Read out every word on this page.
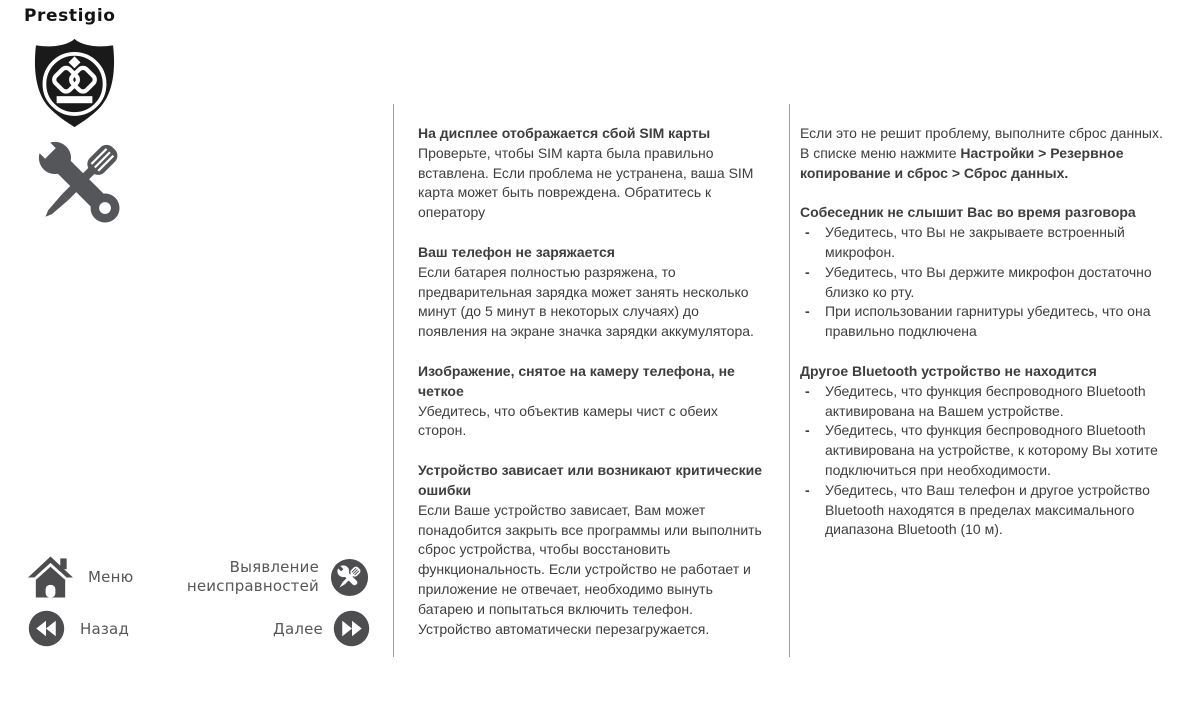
Prestigio
На дисплее отображается сбой SIM карты
Проверьте, чтобы SIM карта была правильно вставлена. Если проблема не устранена, ваша SIM карта может быть повреждена. Обратитесь к оператору
Ваш телефон не заряжается
Если батарея полностью разряжена, то предварительная зарядка может занять несколько минут (до 5 минут в некоторых случаях) до появления на экране значка зарядки аккумулятора.
Изображение, снятое на камеру телефона, не четкое
Убедитесь, что объектив камеры чист с обеих сторон.
Устройство зависает или возникают критические ошибки
Если Ваше устройство зависает, Вам может понадобится закрыть все программы или выполнить сброс устройства, чтобы восстановить функциональность. Если устройство не работает и приложение не отвечает, необходимо вынуть батарею и попытаться включить телефон. Устройство автоматически перезагружается.
Если это не решит проблему, выполните сброс данных. В списке меню нажмите Настройки > Резервное копирование и сброс > Сброс данных.
Собеседник не слышит Вас во время разговора
-	Убедитесь, что Вы не закрываете встроенный микрофон.
-	Убедитесь, что Вы держите микрофон достаточно близко ко рту.
-	При использовании гарнитуры убедитесь, что она правильно подключена
Другое Bluetooth устройство не находится
-	Убедитесь, что функция беспроводного Bluetooth активирована на Вашем устройстве.
-	Убедитесь, что функция беспроводного Bluetooth активирована на устройстве, к которому Вы хотите подключиться при необходимости.
-	Убедитесь, что Ваш телефон и другое устройство Bluetooth находятся в пределах максимального диапазона Bluetooth (10 м).
Меню
Выявление
неисправностей
Назад	Далее
